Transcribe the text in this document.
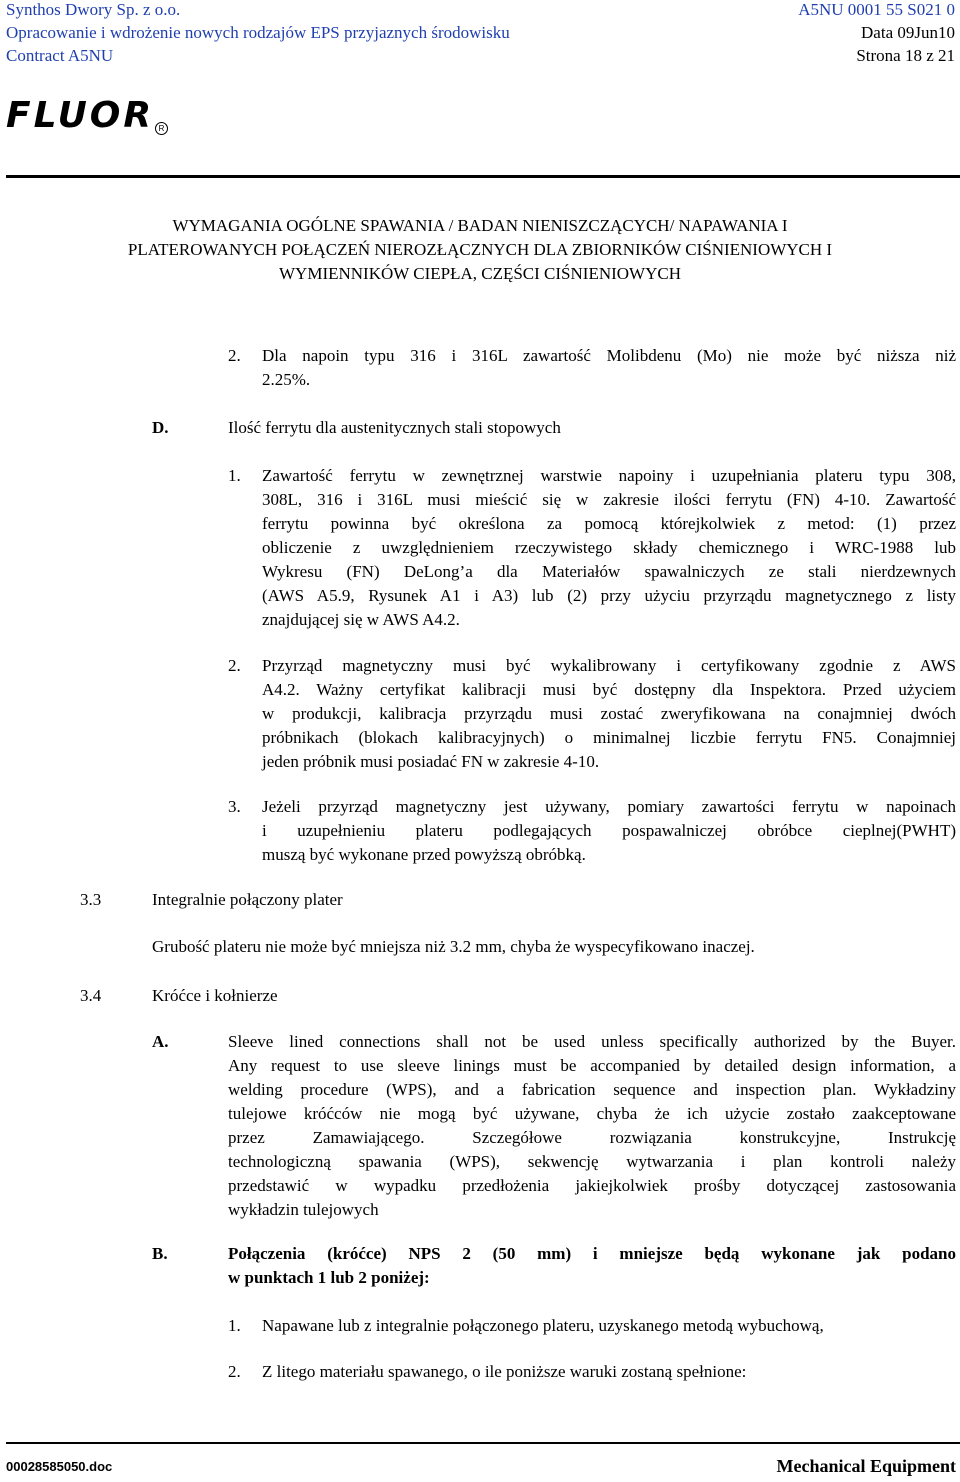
Synthos Dwory Sp. z o.o.	A5NU 0001 55 S021 0
Opracowanie i wdrożenie nowych rodzajów EPS przyjaznych środowisku	Data 09Jun10
Contract A5NU	Strona 18 z 21
FLUOR R
WYMAGANIA OGÓLNE SPAWANIA / BADAN NIENISZCZĄCYCH/ NAPAWANIA I
PLATEROWANYCH POŁĄCZEŃ NIEROZŁĄCZNYCH DLA ZBIORNIKÓW CIŚNIENIOWYCH I
WYMIENNIKÓW CIEPŁA, CZĘŚCI CIŚNIENIOWYCH
2. Dla napoin typu 316 i 316L zawartość Molibdenu (Mo) nie może być niższa niż
2.25%.
D.	Ilość ferrytu dla austenitycznych stali stopowych
1. Zawartość ferrytu w zewnętrznej warstwie napoiny i uzupełniania plateru typu 308,
308L, 316 i 316L musi mieścić się w zakresie ilości ferrytu (FN) 4-10. Zawartość
ferrytu powinna być określona za pomocą którejkolwiek z metod: (1) przez
obliczenie z uwzględnieniem rzeczywistego składy chemicznego i WRC-1988 lub
Wykresu (FN) DeLong’a dla Materiałów spawalniczych ze stali nierdzewnych
(AWS A5.9, Rysunek A1 i A3) lub (2) przy użyciu przyrządu magnetycznego z listy
znajdującej się w AWS A4.2.
2. Przyrząd magnetyczny musi być wykalibrowany i certyfikowany zgodnie z AWS
A4.2. Ważny certyfikat kalibracji musi być dostępny dla Inspektora. Przed użyciem
w produkcji, kalibracja przyrządu musi zostać zweryfikowana na conajmniej dwóch
próbnikach (blokach kalibracyjnych) o minimalnej liczbie ferrytu FN5. Conajmniej
jeden próbnik musi posiadać FN w zakresie 4-10.
3. Jeżeli przyrząd magnetyczny jest używany, pomiary zawartości ferrytu w napoinach
i uzupełnieniu plateru podlegających pospawalniczej obróbce cieplnej(PWHT)
muszą być wykonane przed powyższą obróbką.
3.3	Integralnie połączony plater
Grubość plateru nie może być mniejsza niż 3.2 mm, chyba że wyspecyfikowano inaczej.
3.4	Króćce i kołnierze
A.	Sleeve lined connections shall not be used unless specifically authorized by the Buyer.
Any request to use sleeve linings must be accompanied by detailed design information, a
welding procedure (WPS), and a fabrication sequence and inspection plan. Wykładziny
tulejowe króćców nie mogą być używane, chyba że ich użycie zostało zaakceptowane
przez Zamawiającego. Szczegółowe rozwiązania konstrukcyjne, Instrukcję
technologiczną spawania (WPS), sekwencję wytwarzania i plan kontroli należy
przedstawić w wypadku przedłożenia jakiejkolwiek prośby dotyczącej zastosowania
wykładzin tulejowych
B.	Połączenia (króćce) NPS 2 (50 mm) i mniejsze będą wykonane jak podano
w punktach 1 lub 2 poniżej:
1. Napawane lub z integralnie połączonego plateru, uzyskanego metodą wybuchową,
2. Z litego materiału spawanego, o ile poniższe waruki zostaną spełnione:
00028585050.doc	Mechanical Equipment
